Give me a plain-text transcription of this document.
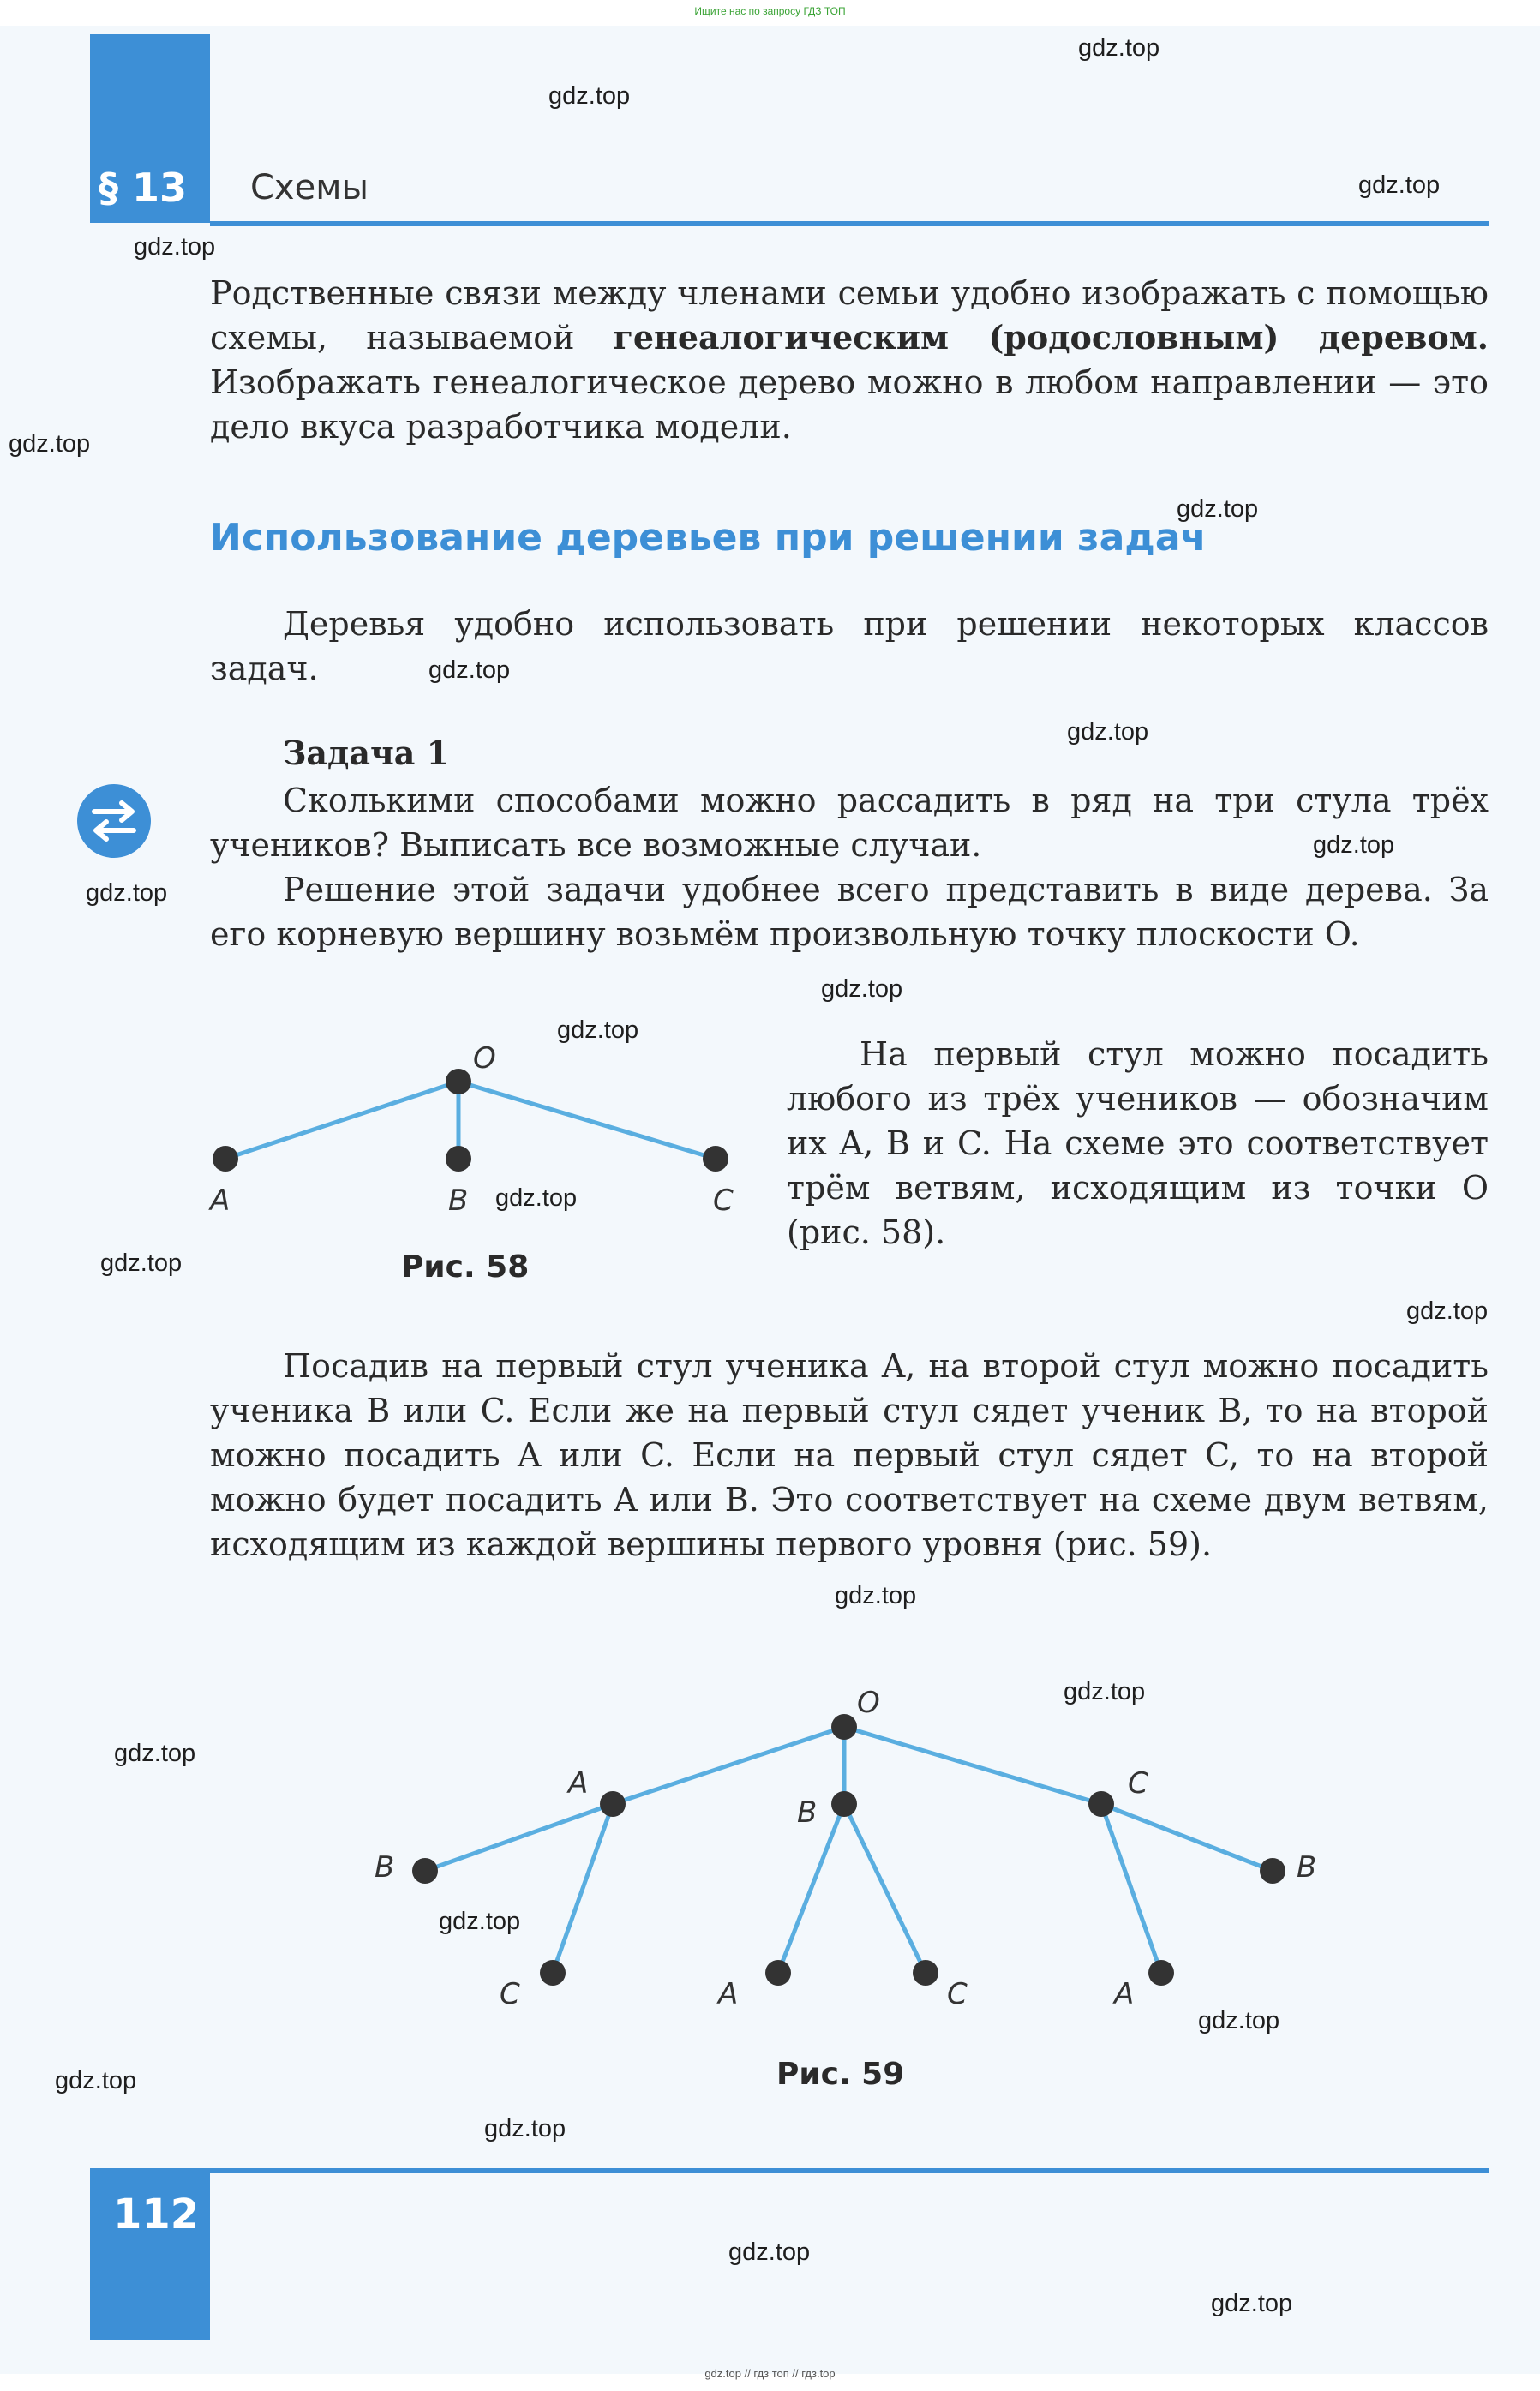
Ищите нас по запросу ГДЗ ТОП
§ 13 Схемы

Родственные связи между членами семьи удобно изображать с помощью схемы, называемой генеалогическим (родословным) деревом. Изображать генеалогическое дерево можно в любом направлении — это дело вкуса разработчика модели.

Использование деревьев при решении задач

Деревья удобно использовать при решении некоторых классов задач.

Задача 1

Сколькими способами можно рассадить в ряд на три стула трёх учеников? Выписать все возможные случаи.

Решение этой задачи удобнее всего представить в виде дерева. За его корневую вершину возьмём произвольную точку плоскости O.

На первый стул можно посадить любого из трёх учеников — обозначим их A, B и C. На схеме это соответствует трём ветвям, исходящим из точки O (рис. 58).

O
A	B	C
O
A
B
C
B
C	A	C
B
A
Рис. 58

Посадив на первый стул ученика A, на второй стул можно посадить ученика B или C. Если же на первый стул сядет ученик B, то на второй можно посадить A или C. Если на первый стул сядет C, то на второй можно будет посадить A или B. Это соответствует на схеме двум ветвям, исходящим из каждой вершины первого уровня (рис. 59).

Рис. 59
112
gdz.top
gdz.top
gdz.top
gdz.top
gdz.top
gdz.top
gdz.top
gdz.top
gdz.top
gdz.top
gdz.top
gdz.top
gdz.top
gdz.top
gdz.top
gdz.top
gdz.top
gdz.top
gdz.top
gdz.top
gdz.top
gdz.top
gdz.top
gdz.top
gdz.top // гдз топ // гдз.top
